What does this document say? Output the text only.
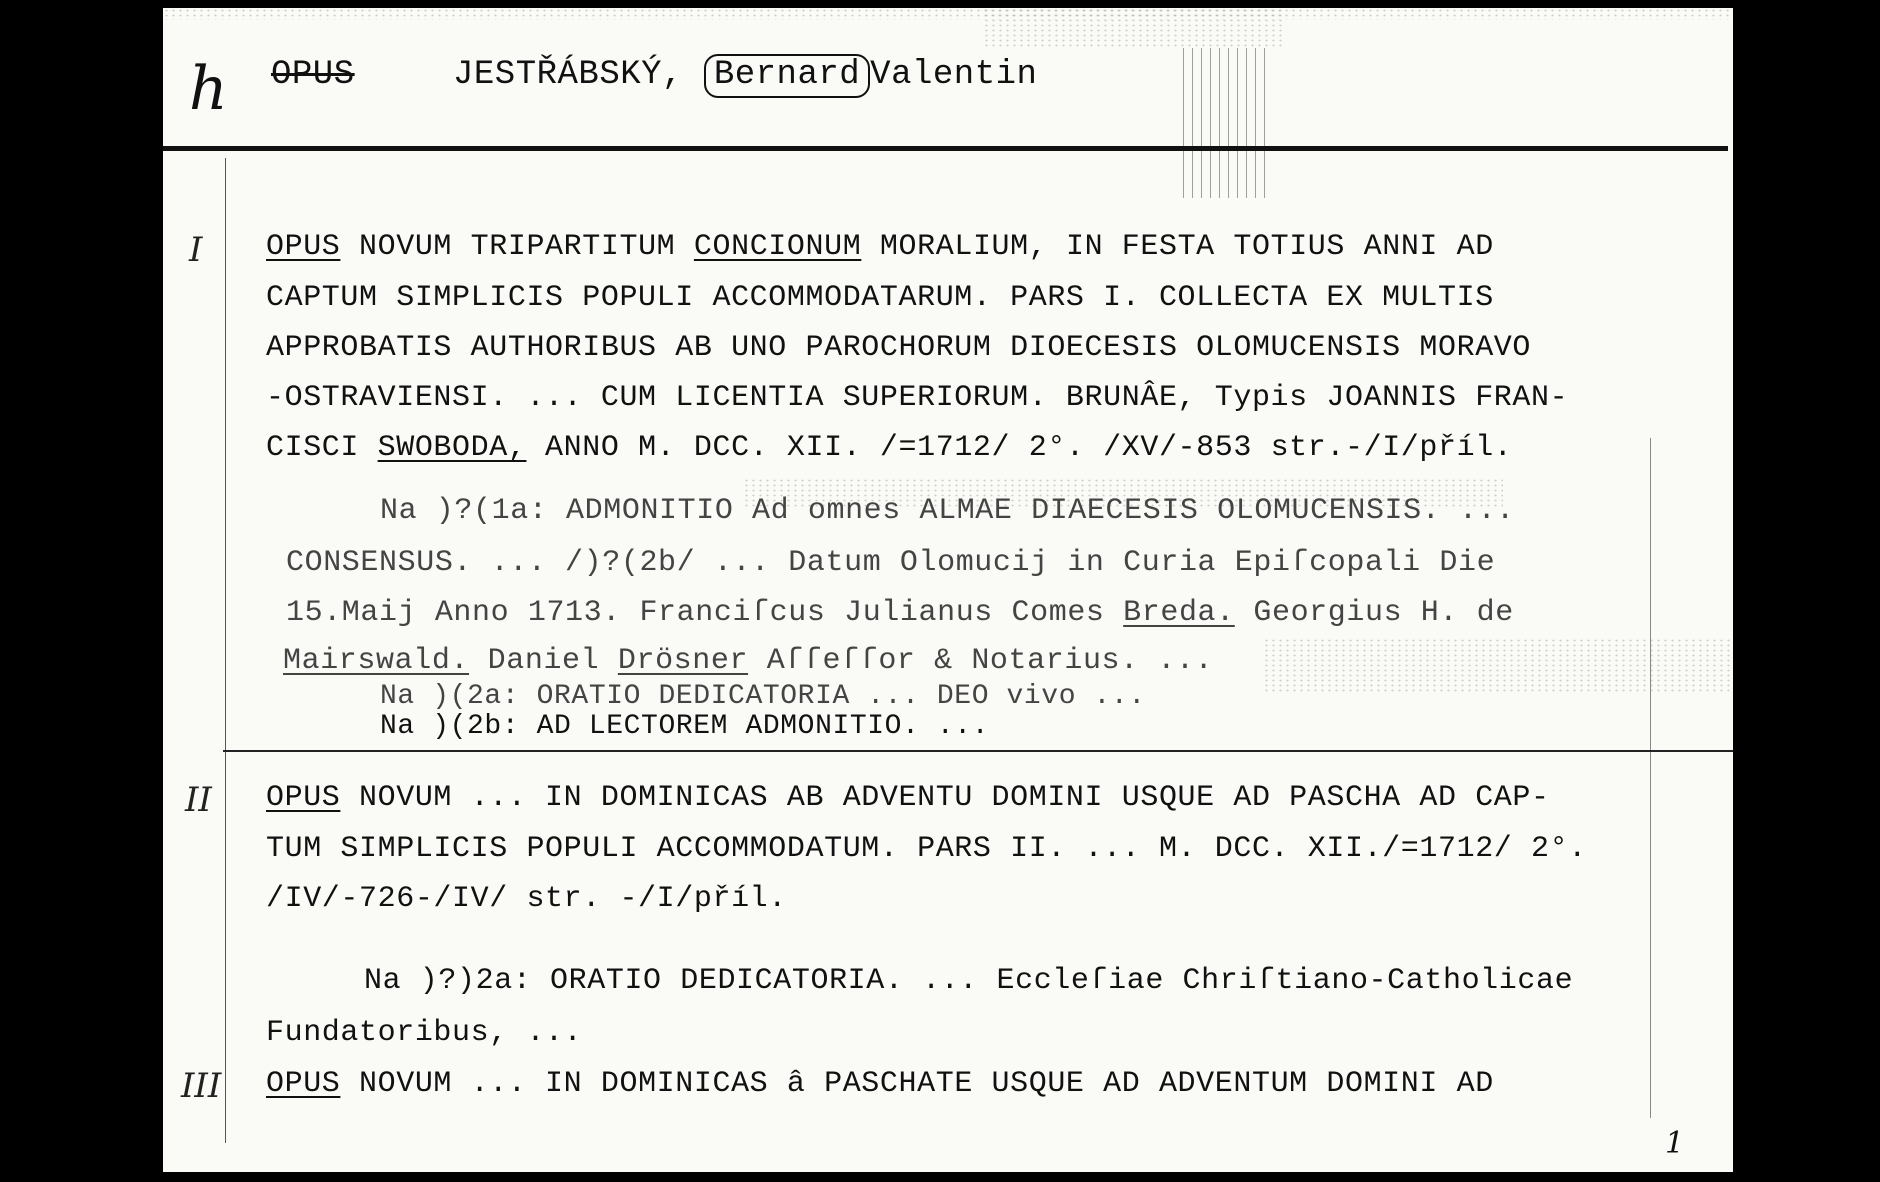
h OPUS	JESTŘÁBSKÝ, Bernard Valentin
I OPUS NOVUM TRIPARTITUM CONCIONUM MORALIUM, IN FESTA TOTIUS ANNI AD
CAPTUM SIMPLICIS POPULI ACCOMMODATARUM. PARS I. COLLECTA EX MULTIS
APPROBATIS AUTHORIBUS AB UNO PAROCHORUM DIOECESIS OLOMUCENSIS MORAVO
-OSTRAVIENSI. ... CUM LICENTIA SUPERIORUM. BRUNÂE, Typis JOANNIS FRAN-
CISCI SWOBODA, ANNO M. DCC. XII. /=1712/ 2°. /XV/-853 str.-/I/příl.
Na )?(1a: ADMONITIO Ad omnes ALMAE DIAECESIS OLOMUCENSIS. ...
CONSENSUS. ... /)?(2b/ ... Datum Olomucij in Curia Epiſcopali Die
15.Maij Anno 1713. Franciſcus Julianus Comes Breda. Georgius H. de
Mairswald. Daniel Drösner Aſſeſſor & Notarius. ...
Na )(2a: ORATIO DEDICATORIA ... DEO vivo ...
Na )(2b: AD LECTOREM ADMONITIO. ...
II OPUS NOVUM ... IN DOMINICAS AB ADVENTU DOMINI USQUE AD PASCHA AD CAP-
TUM SIMPLICIS POPULI ACCOMMODATUM. PARS II. ... M. DCC. XII./=1712/ 2°.
/IV/-726-/IV/ str. -/I/příl.
Na )?)2a: ORATIO DEDICATORIA. ... Eccleſiae Chriſtiano-Catholicae
Fundatoribus, ...
III OPUS NOVUM ... IN DOMINICAS â PASCHATE USQUE AD ADVENTUM DOMINI AD
1
